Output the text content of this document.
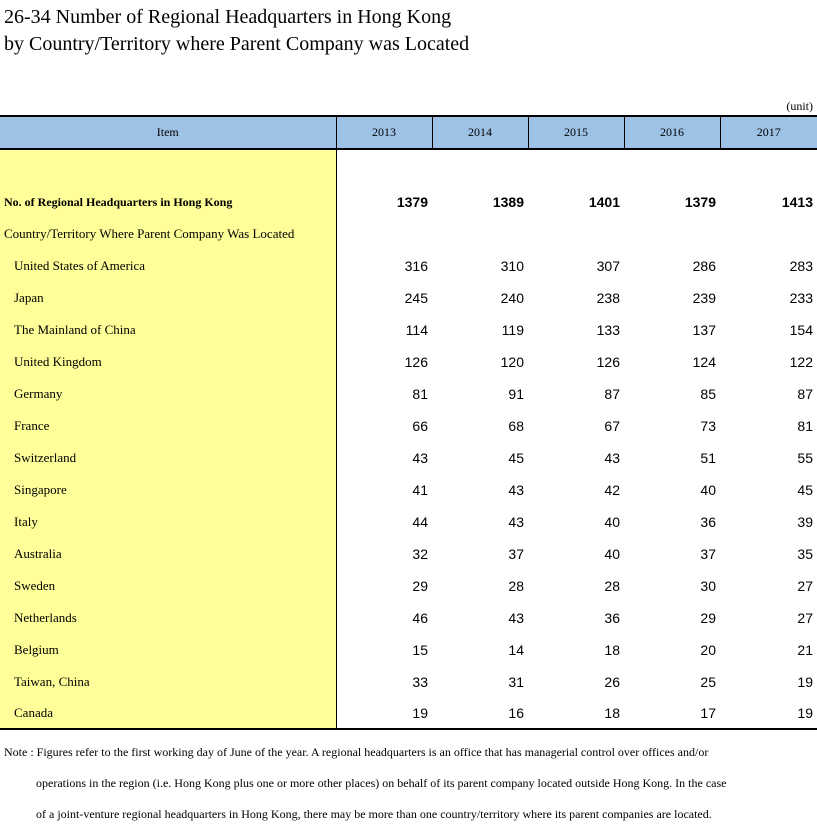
26-34 Number of Regional Headquarters in Hong Kong
by Country/Territory where Parent Company was Located
(unit)
Item	2013	2014	2015	2016	2017

No. of Regional Headquarters in Hong Kong	1379	1389	1401	1379	1413
Country/Territory Where Parent Company Was Located					
United States of America	316	310	307	286	283
Japan	245	240	238	239	233
The Mainland of China	114	119	133	137	154
United Kingdom	126	120	126	124	122
Germany	81	91	87	85	87
France	66	68	67	73	81
Switzerland	43	45	43	51	55
Singapore	41	43	42	40	45
Italy	44	43	40	36	39
Australia	32	37	40	37	35
Sweden	29	28	28	30	27
Netherlands	46	43	36	29	27
Belgium	15	14	18	20	21
Taiwan, China	33	31	26	25	19
Canada	19	16	18	17	19
Note : Figures refer to the first working day of June of the year. A regional headquarters is an office that has managerial control over offices and/or
operations in the region (i.e. Hong Kong plus one or more other places) on behalf of its parent company located outside Hong Kong. In the case
of a joint-venture regional headquarters in Hong Kong, there may be more than one country/territory where its parent companies are located.
